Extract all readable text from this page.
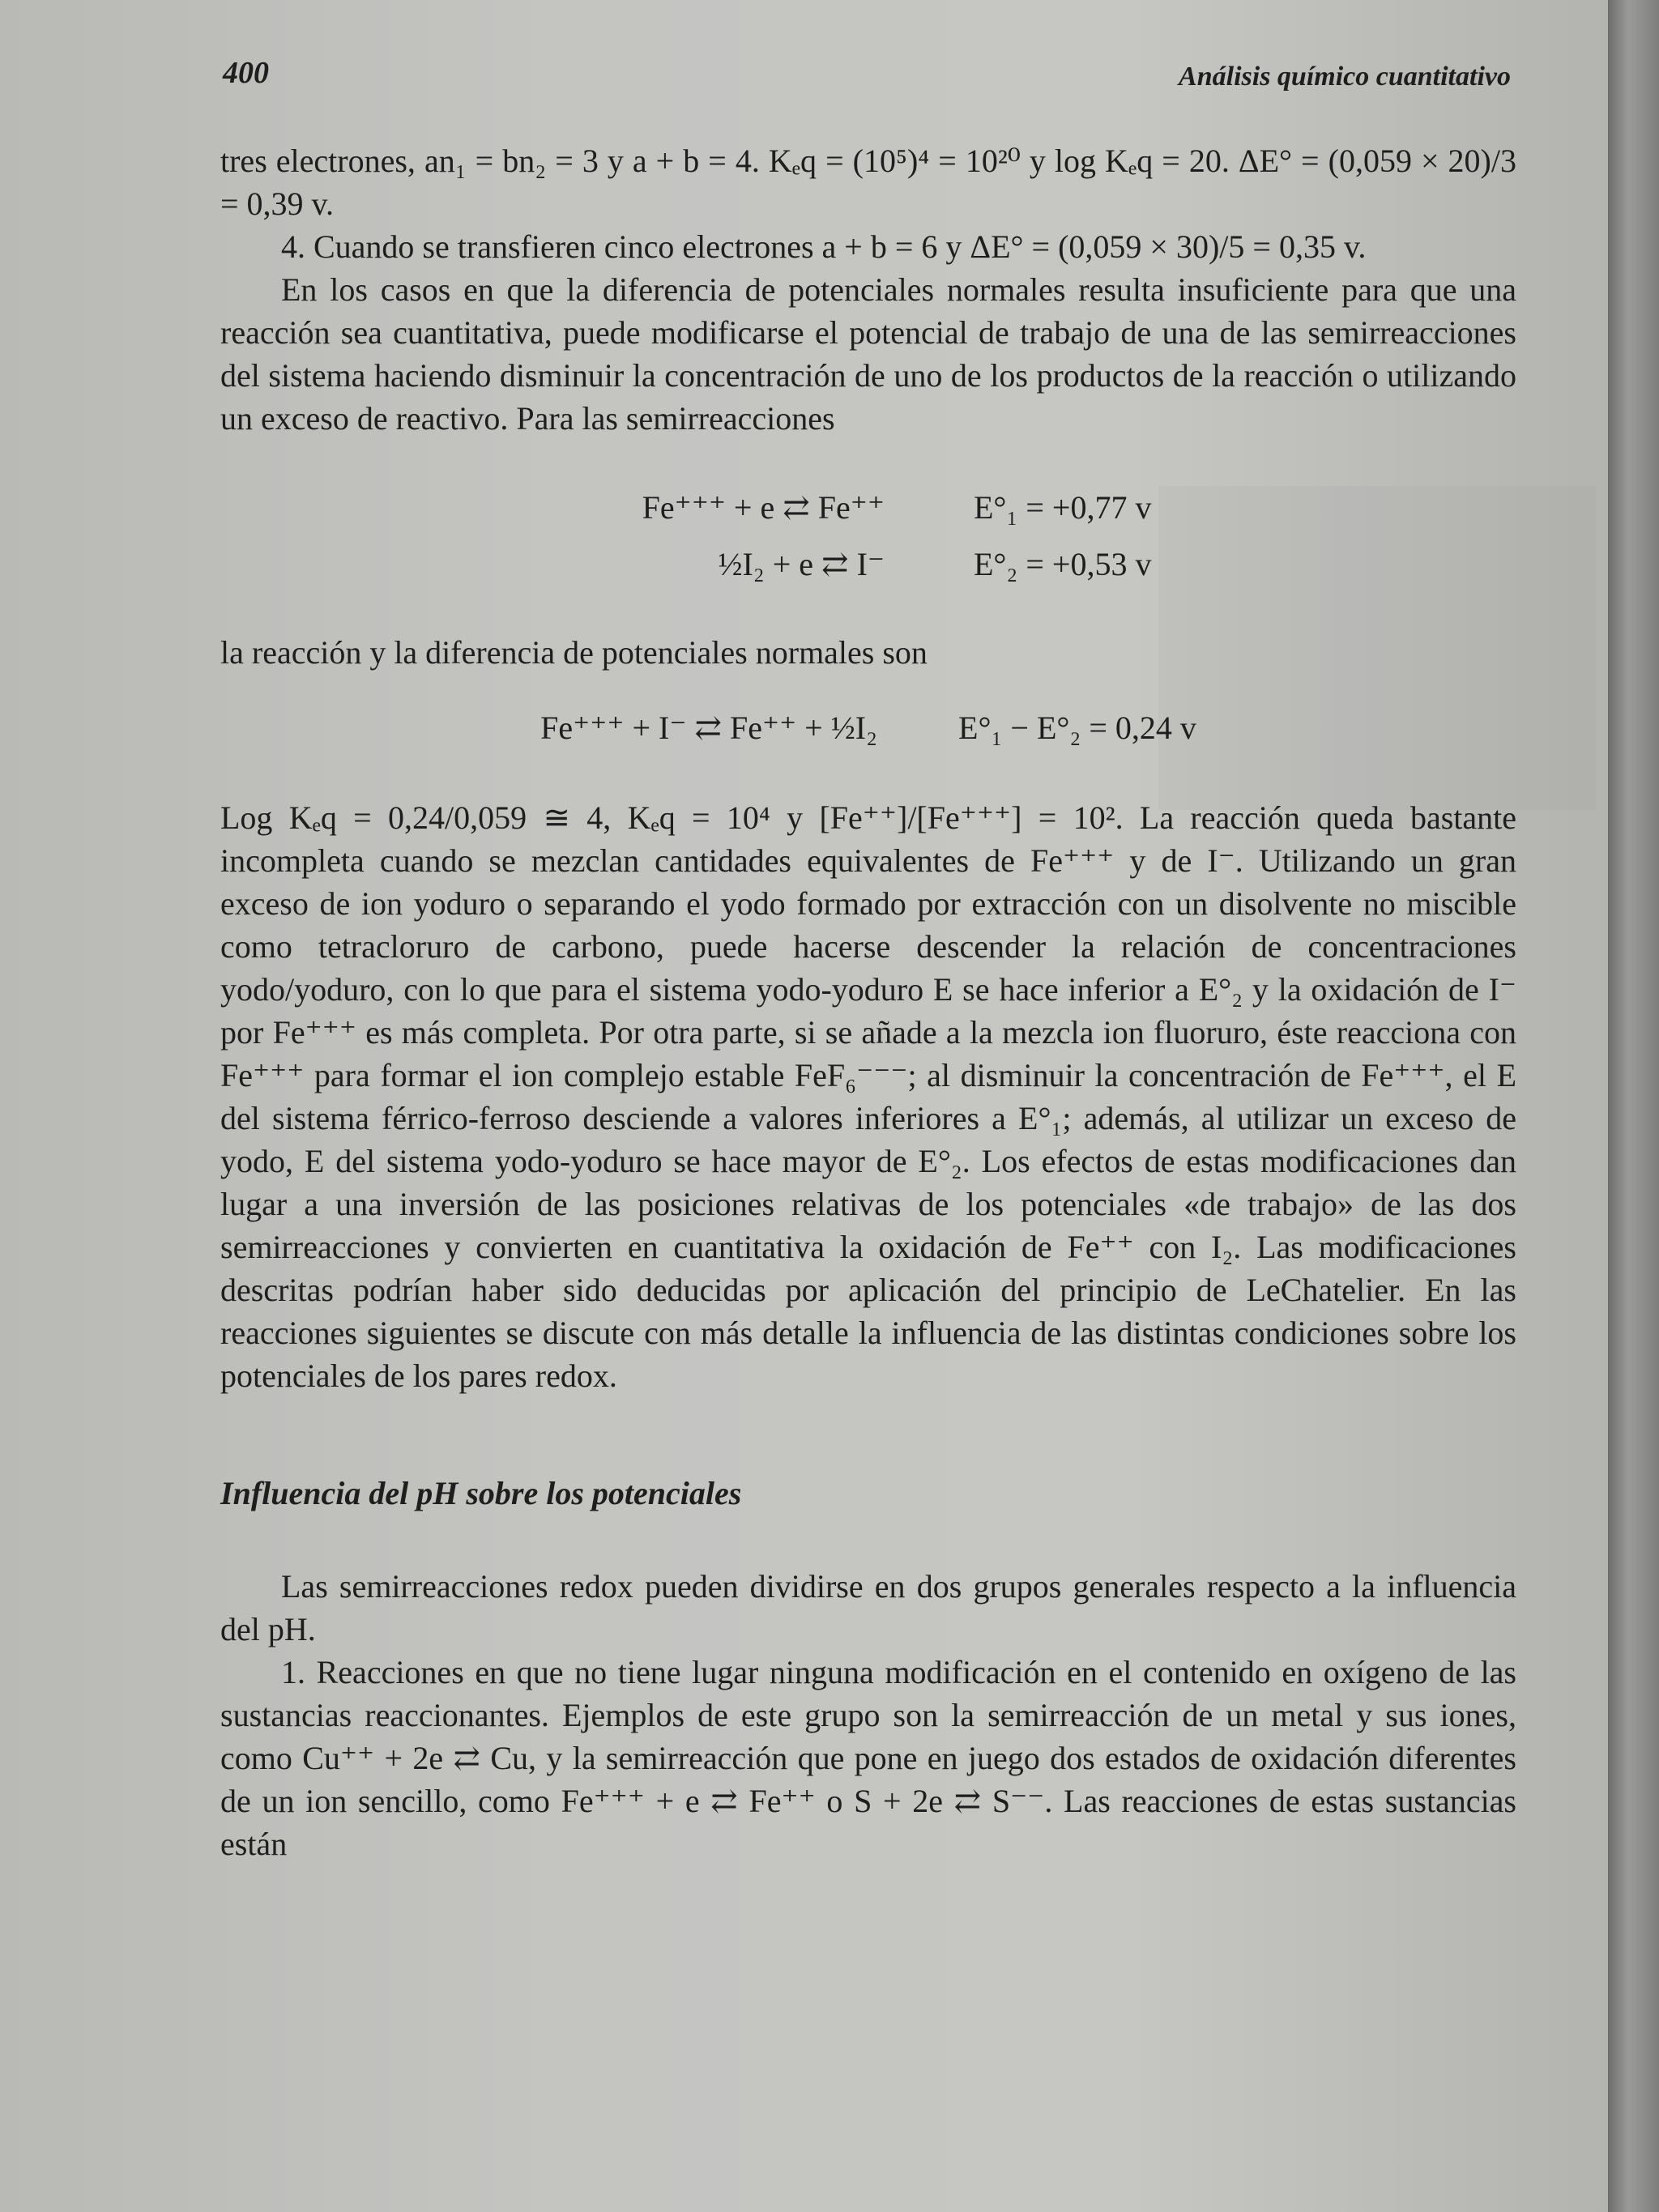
400	Análisis químico cuantitativo

tres electrones, an₁ = bn₂ = 3 y a + b = 4. Kₑq = (10⁵)⁴ = 10²⁰ y log Kₑq = 20. ΔE° = (0,059 × 20)/3 = 0,39 v.

4. Cuando se transfieren cinco electrones a + b = 6 y ΔE° = (0,059 × 30)/5 = 0,35 v.

En los casos en que la diferencia de potenciales normales resulta insuficiente para que una reacción sea cuantitativa, puede modificarse el potencial de trabajo de una de las semirreacciones del sistema haciendo disminuir la concentración de uno de los productos de la reacción o utilizando un exceso de reactivo. Para las semirreacciones

Fe⁺⁺⁺ + e ⇄ Fe⁺⁺	E°₁ = +0,77 v
½I₂ + e ⇄ I⁻	E°₂ = +0,53 v

la reacción y la diferencia de potenciales normales son

Fe⁺⁺⁺ + I⁻ ⇄ Fe⁺⁺ + ½I₂	E°₁ − E°₂ = 0,24 v

Log Kₑq = 0,24/0,059 ≅ 4, Kₑq = 10⁴ y [Fe⁺⁺]/[Fe⁺⁺⁺] = 10². La reacción queda bastante incompleta cuando se mezclan cantidades equivalentes de Fe⁺⁺⁺ y de I⁻. Utilizando un gran exceso de ion yoduro o separando el yodo formado por extracción con un disolvente no miscible como tetracloruro de carbono, puede hacerse descender la relación de concentraciones yodo/yoduro, con lo que para el sistema yodo-yoduro E se hace inferior a E°₂ y la oxidación de I⁻ por Fe⁺⁺⁺ es más completa. Por otra parte, si se añade a la mezcla ion fluoruro, éste reacciona con Fe⁺⁺⁺ para formar el ion complejo estable FeF₆⁻⁻⁻; al disminuir la concentración de Fe⁺⁺⁺, el E del sistema férrico-ferroso desciende a valores inferiores a E°₁; además, al utilizar un exceso de yodo, E del sistema yodo-yoduro se hace mayor de E°₂. Los efectos de estas modificaciones dan lugar a una inversión de las posiciones relativas de los potenciales «de trabajo» de las dos semirreacciones y convierten en cuantitativa la oxidación de Fe⁺⁺ con I₂. Las modificaciones descritas podrían haber sido deducidas por aplicación del principio de LeChatelier. En las reacciones siguientes se discute con más detalle la influencia de las distintas condiciones sobre los potenciales de los pares redox.

Influencia del pH sobre los potenciales

Las semirreacciones redox pueden dividirse en dos grupos generales respecto a la influencia del pH.

1. Reacciones en que no tiene lugar ninguna modificación en el contenido en oxígeno de las sustancias reaccionantes. Ejemplos de este grupo son la semirreacción de un metal y sus iones, como Cu⁺⁺ + 2e ⇄ Cu, y la semirreacción que pone en juego dos estados de oxidación diferentes de un ion sencillo, como Fe⁺⁺⁺ + e ⇄ Fe⁺⁺ o S + 2e ⇄ S⁻⁻. Las reacciones de estas sustancias están
